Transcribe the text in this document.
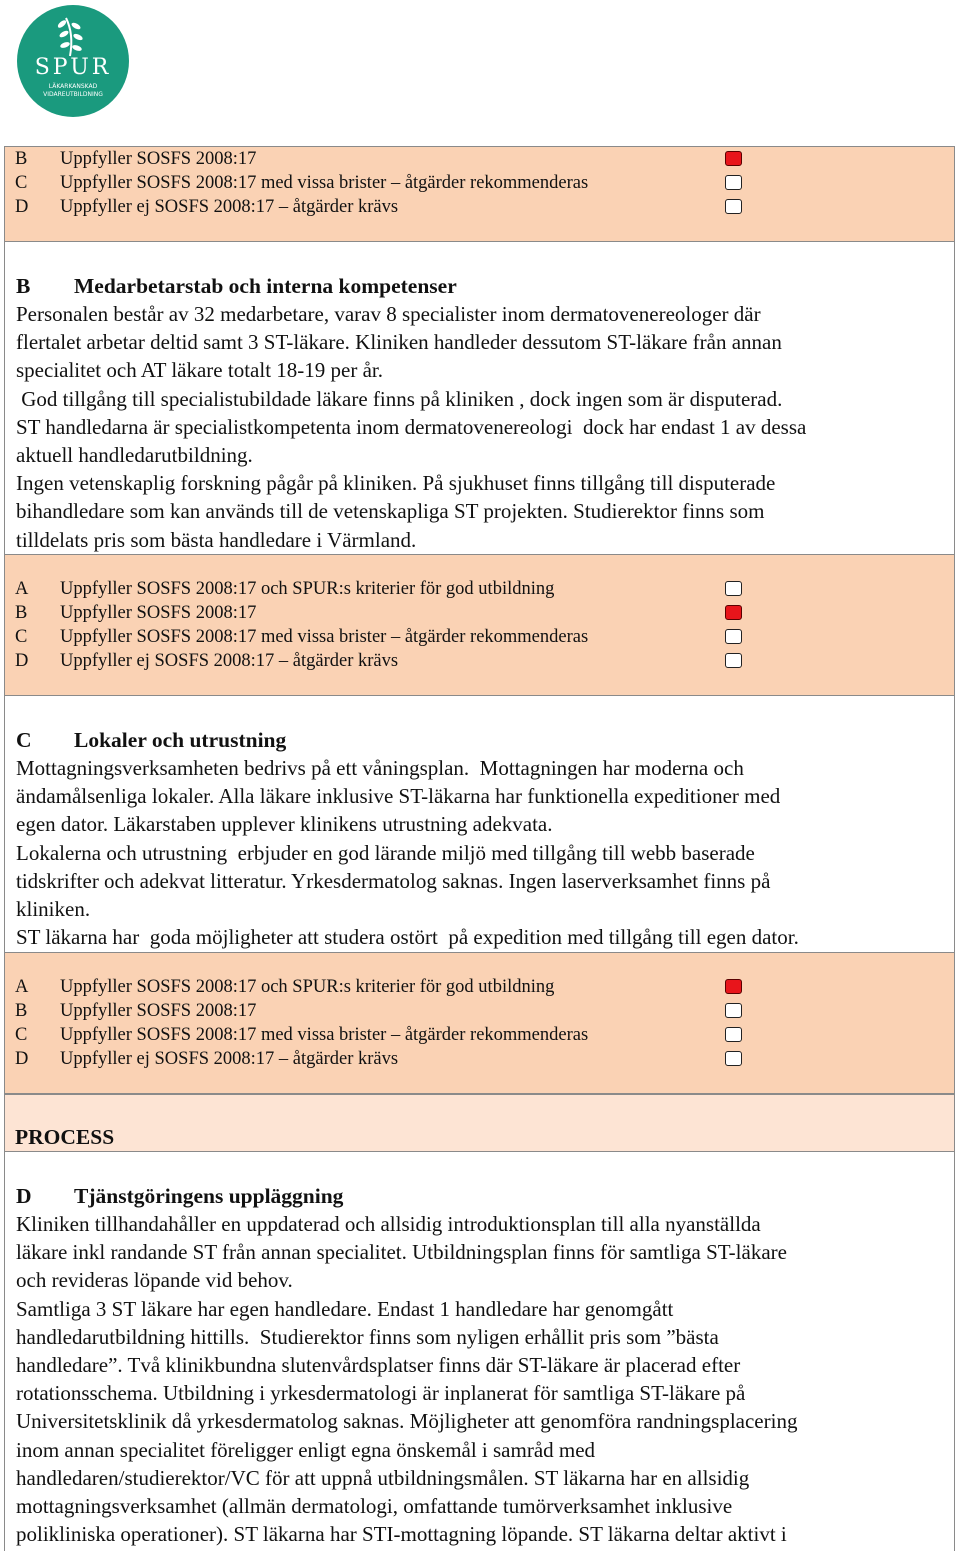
SPUR
LÄKARKANSKAD
VIDAREUTBILDNING
B Uppfyller SOSFS 2008:17
C Uppfyller SOSFS 2008:17 med vissa brister – åtgärder rekommenderas
D Uppfyller ej SOSFS 2008:17 – åtgärder krävs
B Medarbetarstab och interna kompetenser

Personalen består av 32 medarbetare, varav 8 specialister inom dermatovenereologer där

flertalet arbetar deltid samt 3 ST-läkare. Kliniken handleder dessutom ST-läkare från annan

specialitet och AT läkare totalt 18-19 per år.

God tillgång till specialistubildade läkare finns på kliniken , dock ingen som är disputerad.

ST handledarna är specialistkompetenta inom dermatovenereologi  dock har endast 1 av dessa

aktuell handledarutbildning.

Ingen vetenskaplig forskning pågår på kliniken. På sjukhuset finns tillgång till disputerade

bihandledare som kan används till de vetenskapliga ST projekten. Studierektor finns som

tilldelats pris som bästa handledare i Värmland.

A Uppfyller SOSFS 2008:17 och SPUR:s kriterier för god utbildning
B Uppfyller SOSFS 2008:17
C Uppfyller SOSFS 2008:17 med vissa brister – åtgärder rekommenderas
D Uppfyller ej SOSFS 2008:17 – åtgärder krävs
C Lokaler och utrustning

Mottagningsverksamheten bedrivs på ett våningsplan.  Mottagningen har moderna och

ändamålsenliga lokaler. Alla läkare inklusive ST-läkarna har funktionella expeditioner med

egen dator. Läkarstaben upplever klinikens utrustning adekvata.

Lokalerna och utrustning  erbjuder en god lärande miljö med tillgång till webb baserade

tidskrifter och adekvat litteratur. Yrkesdermatolog saknas. Ingen laserverksamhet finns på

kliniken.

ST läkarna har  goda möjligheter att studera ostört  på expedition med tillgång till egen dator.

A Uppfyller SOSFS 2008:17 och SPUR:s kriterier för god utbildning
B Uppfyller SOSFS 2008:17
C Uppfyller SOSFS 2008:17 med vissa brister – åtgärder rekommenderas
D Uppfyller ej SOSFS 2008:17 – åtgärder krävs
PROCESS
D Tjänstgöringens uppläggning

Kliniken tillhandahåller en uppdaterad och allsidig introduktionsplan till alla nyanställda

läkare inkl randande ST från annan specialitet. Utbildningsplan finns för samtliga ST-läkare

och revideras löpande vid behov.

Samtliga 3 ST läkare har egen handledare. Endast 1 handledare har genomgått

handledarutbildning hittills.  Studierektor finns som nyligen erhållit pris som ”bästa

handledare”. Två klinikbundna slutenvårdsplatser finns där ST-läkare är placerad efter

rotationsschema. Utbildning i yrkesdermatologi är inplanerat för samtliga ST-läkare på

Universitetsklinik då yrkesdermatolog saknas. Möjligheter att genomföra randningsplacering

inom annan specialitet föreligger enligt egna önskemål i samråd med

handledaren/studierektor/VC för att uppnå utbildningsmålen. ST läkarna har en allsidig

mottagningsverksamhet (allmän dermatologi, omfattande tumörverksamhet inklusive

polikliniska operationer). ST läkarna har STI-mottagning löpande. ST läkarna deltar aktivt i
